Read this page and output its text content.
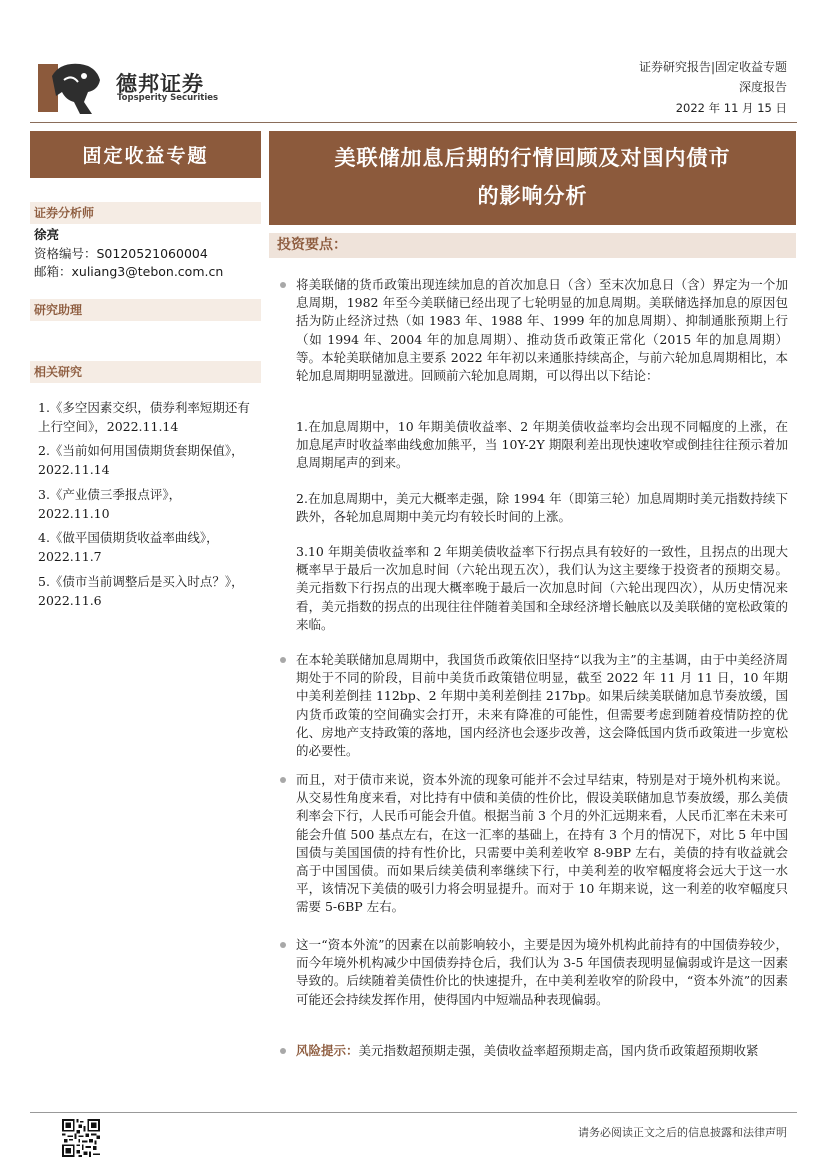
德邦证券
Topsperity Securities
证券研究报告|固定收益专题
深度报告
2022 年 11 月 15 日
固定收益专题	美联储加息后期的行情回顾及对国内债市
的影响分析
证券分析师
徐亮
资格编号：S0120521060004
邮箱：xuliang3@tebon.com.cn
研究助理
相关研究
1.《多空因素交织，债券利率短期还有上行空间》，2022.11.14
2.《当前如何用国债期货套期保值》，2022.11.14
3.《产业债三季报点评》，2022.11.10
4.《做平国债期货收益率曲线》，2022.11.7
5.《债市当前调整后是买入时点？》，2022.11.6
投资要点：
将美联储的货币政策出现连续加息的首次加息日（含）至末次加息日（含）界定为一个加息周期，1982 年至今美联储已经出现了七轮明显的加息周期。美联储选择加息的原因包括为防止经济过热（如 1983 年、1988 年、1999 年的加息周期）、抑制通胀预期上行（如 1994 年、2004 年的加息周期）、推动货币政策正常化（2015 年的加息周期）等。本轮美联储加息主要系 2022 年年初以来通胀持续高企，与前六轮加息周期相比，本轮加息周期明显激进。回顾前六轮加息周期，可以得出以下结论：
1.在加息周期中，10 年期美债收益率、2 年期美债收益率均会出现不同幅度的上涨，在加息尾声时收益率曲线愈加熊平，当 10Y-2Y 期限利差出现快速收窄或倒挂往往预示着加息周期尾声的到来。
2.在加息周期中，美元大概率走强，除 1994 年（即第三轮）加息周期时美元指数持续下跌外，各轮加息周期中美元均有较长时间的上涨。
3.10 年期美债收益率和 2 年期美债收益率下行拐点具有较好的一致性，且拐点的出现大概率早于最后一次加息时间（六轮出现五次），我们认为这主要缘于投资者的预期交易。美元指数下行拐点的出现大概率晚于最后一次加息时间（六轮出现四次），从历史情况来看，美元指数的拐点的出现往往伴随着美国和全球经济增长触底以及美联储的宽松政策的来临。
在本轮美联储加息周期中，我国货币政策依旧坚持“以我为主”的主基调，由于中美经济周期处于不同的阶段，目前中美货币政策错位明显，截至 2022 年 11 月 11 日，10 年期中美利差倒挂 112bp、2 年期中美利差倒挂 217bp。如果后续美联储加息节奏放缓，国内货币政策的空间确实会打开，未来有降准的可能性，但需要考虑到随着疫情防控的优化、房地产支持政策的落地，国内经济也会逐步改善，这会降低国内货币政策进一步宽松的必要性。
而且，对于债市来说，资本外流的现象可能并不会过早结束，特别是对于境外机构来说。从交易性角度来看，对比持有中债和美债的性价比，假设美联储加息节奏放缓，那么美债利率会下行，人民币可能会升值。根据当前 3 个月的外汇远期来看，人民币汇率在未来可能会升值 500 基点左右，在这一汇率的基础上，在持有 3 个月的情况下，对比 5 年中国国债与美国国债的持有性价比，只需要中美利差收窄 8-9BP 左右，美债的持有收益就会高于中国国债。而如果后续美债利率继续下行，中美利差的收窄幅度将会远大于这一水平，该情况下美债的吸引力将会明显提升。而对于 10 年期来说，这一利差的收窄幅度只需要 5-6BP 左右。
这一“资本外流”的因素在以前影响较小，主要是因为境外机构此前持有的中国债券较少，而今年境外机构减少中国债券持仓后，我们认为 3-5 年国债表现明显偏弱或许是这一因素导致的。后续随着美债性价比的快速提升，在中美利差收窄的阶段中，“资本外流”的因素可能还会持续发挥作用，使得国内中短端品种表现偏弱。
风险提示：美元指数超预期走强，美债收益率超预期走高，国内货币政策超预期收紧
请务必阅读正文之后的信息披露和法律声明
